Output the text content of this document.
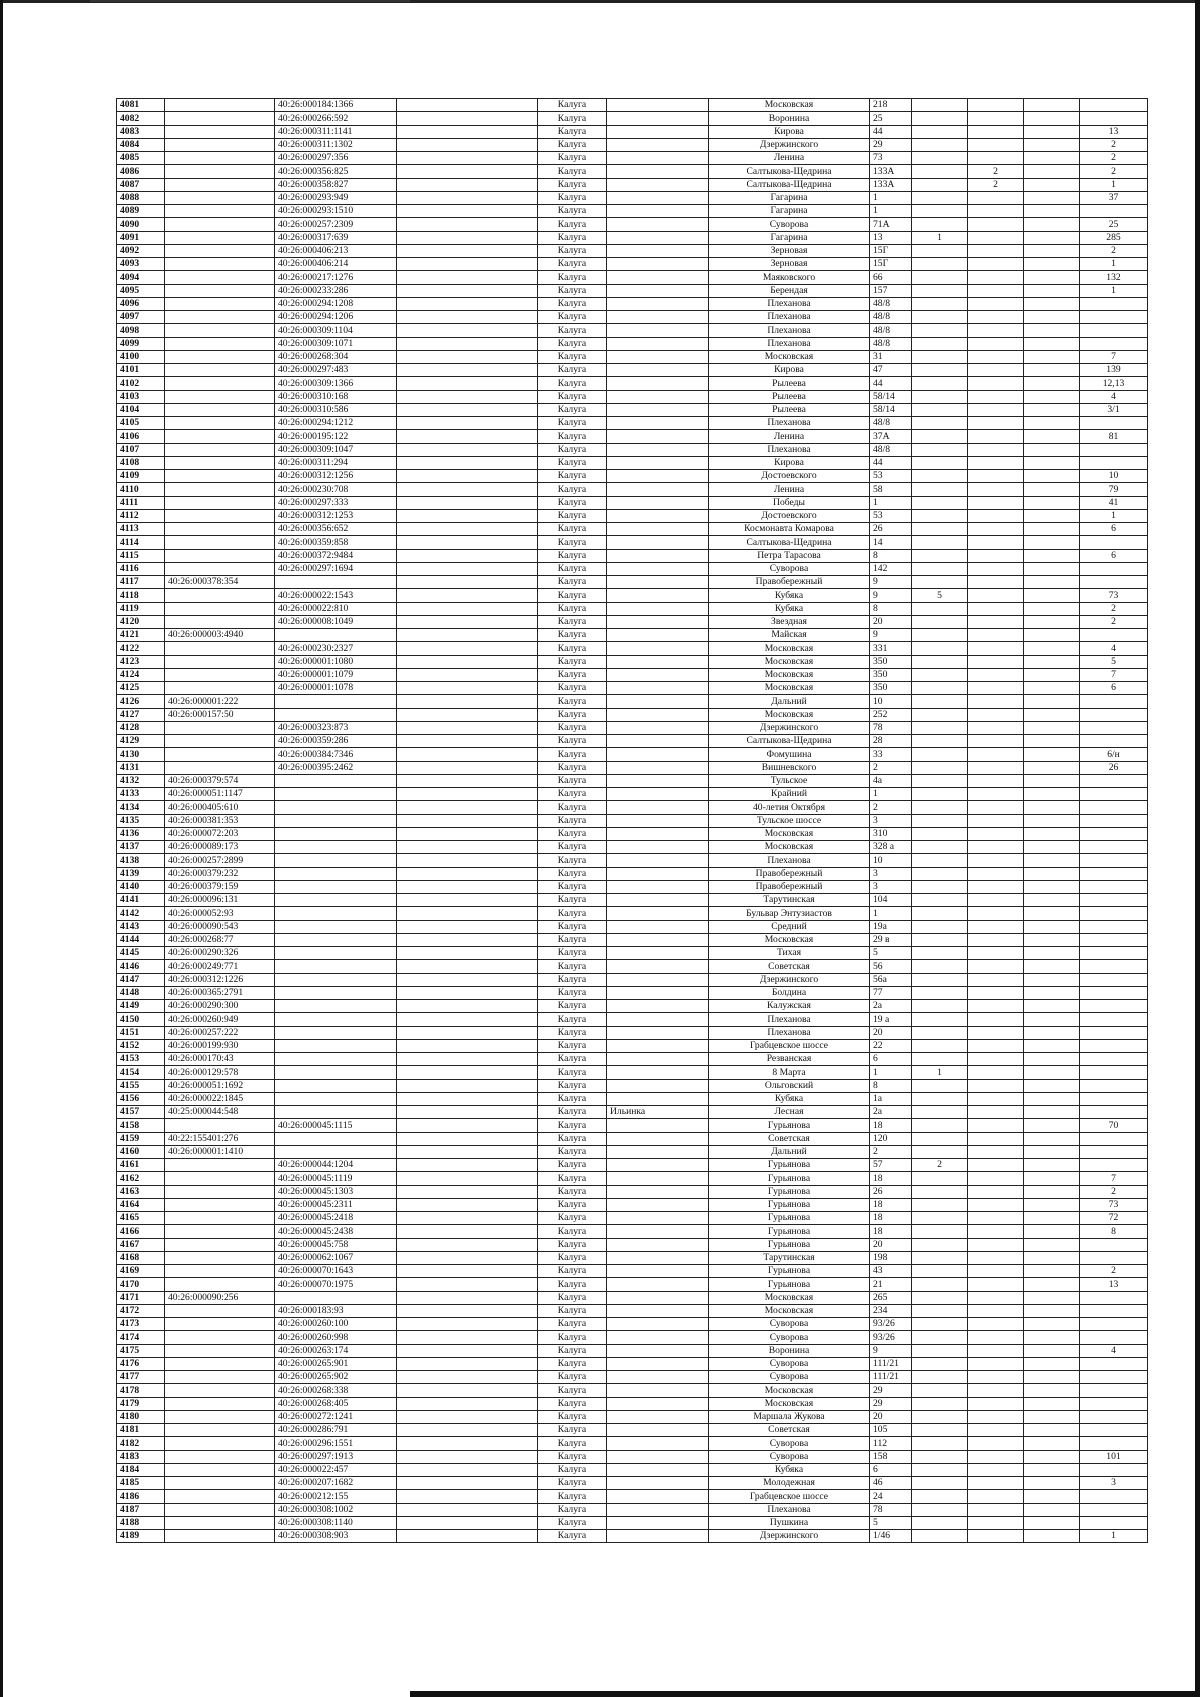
4081		40:26:000184:1366		Калуга		Московская	218				
4082		40:26:000266:592		Калуга		Воронина	25				
4083		40:26:000311:1141		Калуга		Кирова	44				13
4084		40:26:000311:1302		Калуга		Дзержинского	29				2
4085		40:26:000297:356		Калуга		Ленина	73				2
4086		40:26:000356:825		Калуга		Салтыкова-Щедрина	133А		2		2
4087		40:26:000358:827		Калуга		Салтыкова-Щедрина	133А		2		1
4088		40:26:000293:949		Калуга		Гагарина	1				37
4089		40:26:000293:1510		Калуга		Гагарина	1				
4090		40:26:000257:2309		Калуга		Суворова	71А				25
4091		40:26:000317:639		Калуга		Гагарина	13	1			285
4092		40:26:000406:213		Калуга		Зерновая	15Г				2
4093		40:26:000406:214		Калуга		Зерновая	15Г				1
4094		40:26:000217:1276		Калуга		Маяковского	66				132
4095		40:26:000233:286		Калуга		Берендая	157				1
4096		40:26:000294:1208		Калуга		Плеханова	48/8				
4097		40:26:000294:1206		Калуга		Плеханова	48/8				
4098		40:26:000309:1104		Калуга		Плеханова	48/8				
4099		40:26:000309:1071		Калуга		Плеханова	48/8				
4100		40:26:000268:304		Калуга		Московская	31				7
4101		40:26:000297:483		Калуга		Кирова	47				139
4102		40:26:000309:1366		Калуга		Рылеева	44				12,13
4103		40:26:000310:168		Калуга		Рылеева	58/14				4
4104		40:26:000310:586		Калуга		Рылеева	58/14				3/1
4105		40:26:000294:1212		Калуга		Плеханова	48/8				
4106		40:26:000195:122		Калуга		Ленина	37А				81
4107		40:26:000309:1047		Калуга		Плеханова	48/8				
4108		40:26:000311:294		Калуга		Кирова	44				
4109		40:26:000312:1256		Калуга		Достоевского	53				10
4110		40:26:000230:708		Калуга		Ленина	58				79
4111		40:26:000297:333		Калуга		Победы	1				41
4112		40:26:000312:1253		Калуга		Достоевского	53				1
4113		40:26:000356:652		Калуга		Космонавта Комарова	26				6
4114		40:26:000359:858		Калуга		Салтыкова-Щедрина	14				
4115		40:26:000372:9484		Калуга		Петра Тарасова	8				6
4116		40:26:000297:1694		Калуга		Суворова	142				
4117	40:26:000378:354			Калуга		Правобережный	9				
4118		40:26:000022:1543		Калуга		Кубяка	9	5			73
4119		40:26:000022:810		Калуга		Кубяка	8				2
4120		40:26:000008:1049		Калуга		Звездная	20				2
4121	40:26:000003:4940			Калуга		Майская	9				
4122		40:26:000230:2327		Калуга		Московская	331				4
4123		40:26:000001:1080		Калуга		Московская	350				5
4124		40:26:000001:1079		Калуга		Московская	350				7
4125		40:26:000001:1078		Калуга		Московская	350				6
4126	40:26:000001:222			Калуга		Дальний	10				
4127	40:26:000157:50			Калуга		Московская	252				
4128		40:26:000323:873		Калуга		Дзержинского	78				
4129		40:26:000359:286		Калуга		Салтыкова-Щедрина	28				
4130		40:26:000384:7346		Калуга		Фомушина	33				6/н
4131		40:26:000395:2462		Калуга		Вишневского	2				26
4132	40:26:000379:574			Калуга		Тульское	4а				
4133	40:26:000051:1147			Калуга		Крайний	1				
4134	40:26:000405:610			Калуга		40-летия Октября	2				
4135	40:26:000381:353			Калуга		Тульское шоссе	3				
4136	40:26:000072:203			Калуга		Московская	310				
4137	40:26:000089:173			Калуга		Московская	328 а				
4138	40:26:000257:2899			Калуга		Плеханова	10				
4139	40:26:000379:232			Калуга		Правобережный	3				
4140	40:26:000379:159			Калуга		Правобережный	3				
4141	40:26:000096:131			Калуга		Тарутинская	104				
4142	40:26:000052:93			Калуга		Бульвар Энтузиастов	1				
4143	40:26:000090:543			Калуга		Средний	19а				
4144	40:26:000268:77			Калуга		Московская	29 в				
4145	40:26:000290:326			Калуга		Тихая	5				
4146	40:26:000249:771			Калуга		Советская	56				
4147	40:26:000312:1226			Калуга		Дзержинского	56а				
4148	40:26:000365:2791			Калуга		Болдина	77				
4149	40:26:000290:300			Калуга		Калужская	2а				
4150	40:26:000260:949			Калуга		Плеханова	19 а				
4151	40:26:000257:222			Калуга		Плеханова	20				
4152	40:26:000199:930			Калуга		Грабцевское шоссе	22				
4153	40:26:000170:43			Калуга		Резванская	6				
4154	40:26:000129:578			Калуга		8 Марта	1	1			
4155	40:26:000051:1692			Калуга		Ольговский	8				
4156	40:26:000022:1845			Калуга		Кубяка	1а				
4157	40:25:000044:548			Калуга	Ильинка	Лесная	2а				
4158		40:26:000045:1115		Калуга		Гурьянова	18				70
4159	40:22:155401:276			Калуга		Советская	120				
4160	40:26:000001:1410			Калуга		Дальний	2				
4161		40:26:000044:1204		Калуга		Гурьянова	57	2			
4162		40:26:000045:1119		Калуга		Гурьянова	18				7
4163		40:26:000045:1303		Калуга		Гурьянова	26				2
4164		40:26:000045:2311		Калуга		Гурьянова	18				73
4165		40:26:000045:2418		Калуга		Гурьянова	18				72
4166		40:26:000045:2438		Калуга		Гурьянова	18				8
4167		40:26:000045:758		Калуга		Гурьянова	20				
4168		40:26:000062:1067		Калуга		Тарутинская	198				
4169		40:26:000070:1643		Калуга		Гурьянова	43				2
4170		40:26:000070:1975		Калуга		Гурьянова	21				13
4171	40:26:000090:256			Калуга		Московская	265				
4172		40:26:000183:93		Калуга		Московская	234				
4173		40:26:000260:100		Калуга		Суворова	93/26				
4174		40:26:000260:998		Калуга		Суворова	93/26				
4175		40:26:000263:174		Калуга		Воронина	9				4
4176		40:26:000265:901		Калуга		Суворова	111/21				
4177		40:26:000265:902		Калуга		Суворова	111/21				
4178		40:26:000268:338		Калуга		Московская	29				
4179		40:26:000268:405		Калуга		Московская	29				
4180		40:26:000272:1241		Калуга		Маршала Жукова	20				
4181		40:26:000286:791		Калуга		Советская	105				
4182		40:26:000296:1551		Калуга		Суворова	112				
4183		40:26:000297:1913		Калуга		Суворова	158				101
4184		40:26:000022:457		Калуга		Кубяка	6				
4185		40:26:000207:1682		Калуга		Молодежная	46				3
4186		40:26:000212:155		Калуга		Грабцевское шоссе	24				
4187		40:26:000308:1002		Калуга		Плеханова	78				
4188		40:26:000308:1140		Калуга		Пушкина	5				
4189		40:26:000308:903		Калуга		Дзержинского	1/46				1
